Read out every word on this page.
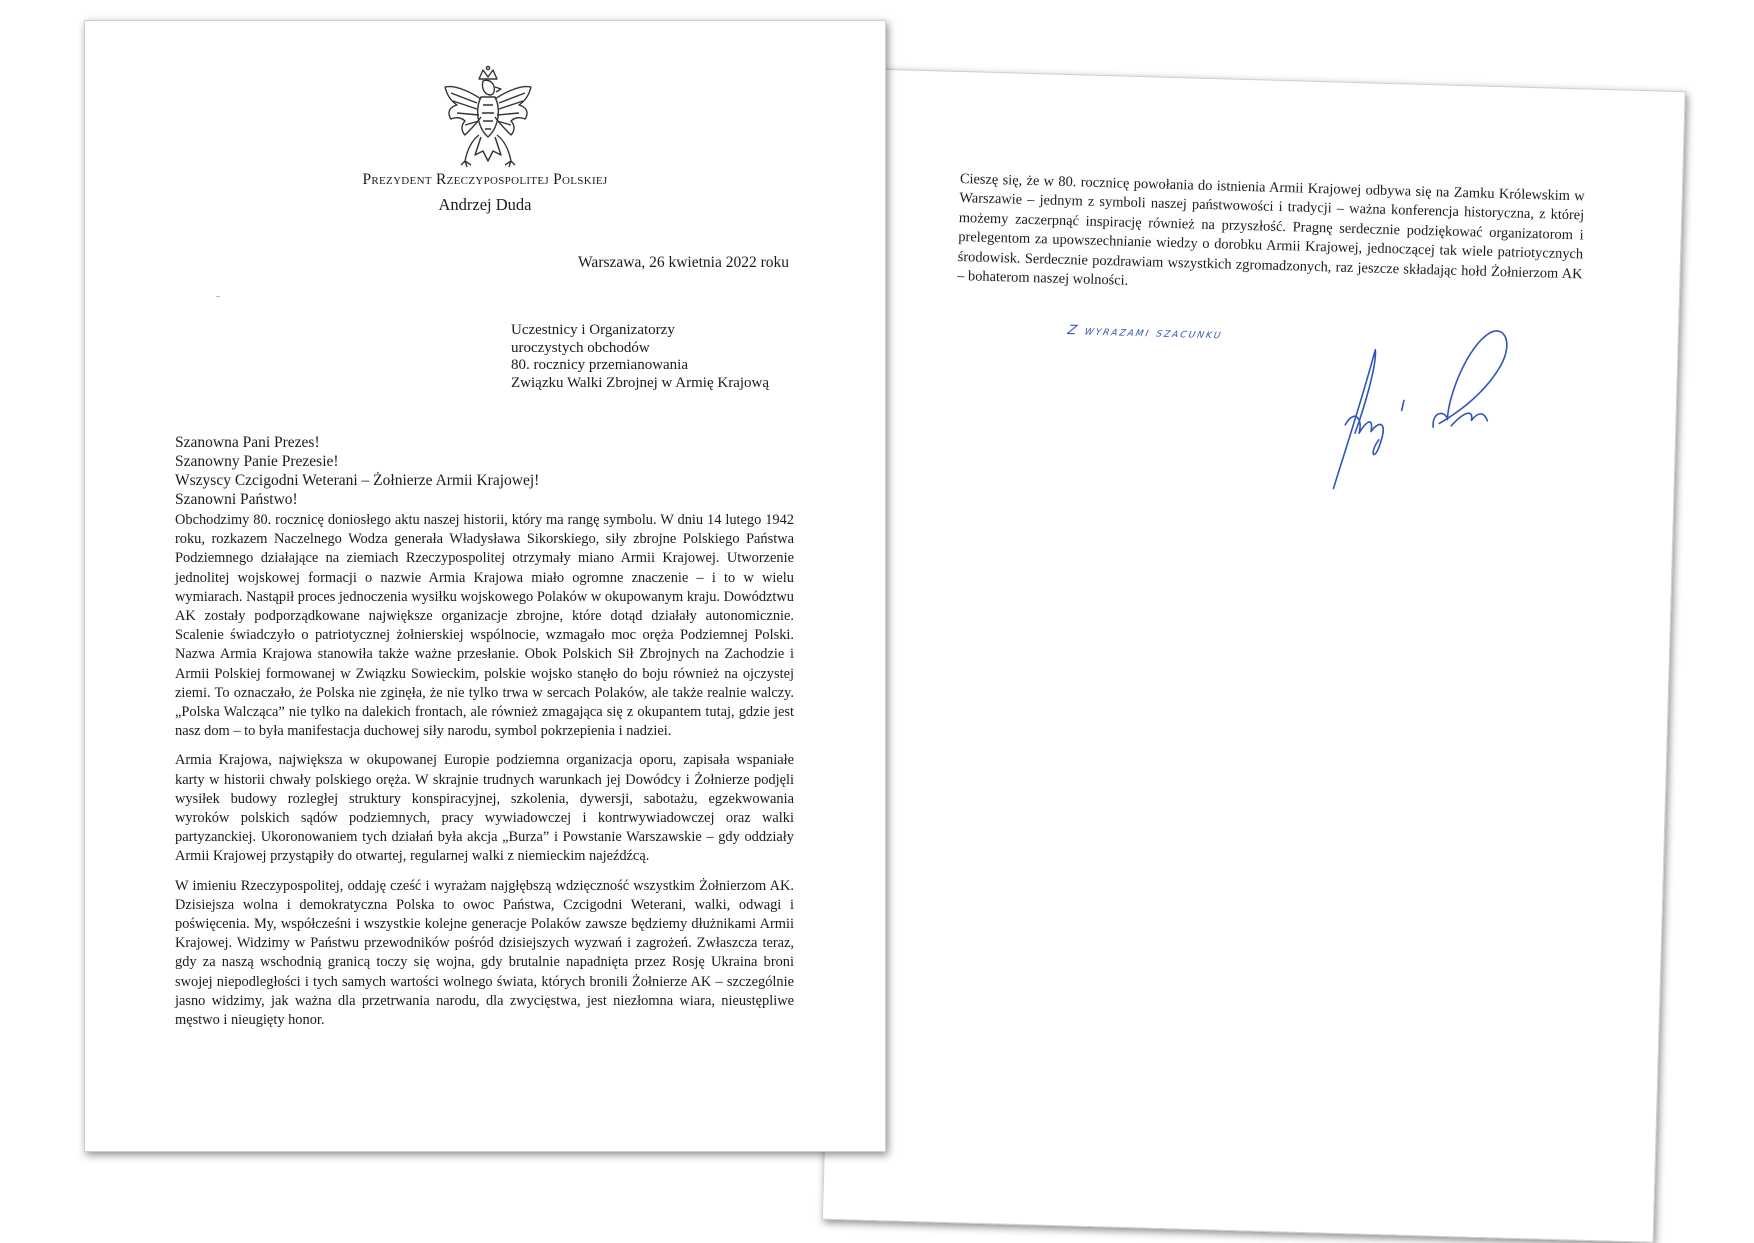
Cieszę się, że w 80. rocznicę powołania do istnienia Armii Krajowej odbywa się na Zamku Królewskim w Warszawie – jednym z symboli naszej państwowości i tradycji – ważna konferencja historyczna, z której możemy zaczerpnąć inspirację również na przyszłość. Pragnę serdecznie podziękować organizatorom i prelegentom za upowszechnianie wiedzy o dorobku Armii Krajowej, jednoczącej tak wiele patriotycznych środowisk. Serdecznie pozdrawiam wszystkich zgromadzonych, raz jeszcze składając hołd Żołnierzom AK – bohaterom naszej wolności.

Z wyrazami szacunku
Prezydent Rzeczypospolitej Polskiej
Andrzej Duda
Warszawa, 26 kwietnia 2022 roku
Uczestnicy i Organizatorzy
uroczystych obchodów
80. rocznicy przemianowania
Związku Walki Zbrojnej w Armię Krajową
Szanowna Pani Prezes!
Szanowny Panie Prezesie!
Wszyscy Czcigodni Weterani – Żołnierze Armii Krajowej!
Szanowni Państwo!

Obchodzimy 80. rocznicę doniosłego aktu naszej historii, który ma rangę symbolu. W dniu 14 lutego 1942 roku, rozkazem Naczelnego Wodza generała Władysława Sikorskiego, siły zbrojne Polskiego Państwa Podziemnego działające na ziemiach Rzeczypospolitej otrzymały miano Armii Krajowej. Utworzenie jednolitej wojskowej formacji o nazwie Armia Krajowa miało ogromne znaczenie – i to w wielu wymiarach. Nastąpił proces jednoczenia wysiłku wojskowego Polaków w okupowanym kraju. Dowództwu AK zostały podporządkowane największe organizacje zbrojne, które dotąd działały autonomicznie. Scalenie świadczyło o patriotycznej żołnierskiej wspólnocie, wzmagało moc oręża Podziemnej Polski. Nazwa Armia Krajowa stanowiła także ważne przesłanie. Obok Polskich Sił Zbrojnych na Zachodzie i Armii Polskiej formowanej w Związku Sowieckim, polskie wojsko stanęło do boju również na ojczystej ziemi. To oznaczało, że Polska nie zginęła, że nie tylko trwa w sercach Polaków, ale także realnie walczy. „Polska Walcząca” nie tylko na dalekich frontach, ale również zmagająca się z okupantem tutaj, gdzie jest nasz dom – to była manifestacja duchowej siły narodu, symbol pokrzepienia i nadziei.

Armia Krajowa, największa w okupowanej Europie podziemna organizacja oporu, zapisała wspaniałe karty w historii chwały polskiego oręża. W skrajnie trudnych warunkach jej Dowódcy i Żołnierze podjęli wysiłek budowy rozległej struktury konspiracyjnej, szkolenia, dywersji, sabotażu, egzekwowania wyroków polskich sądów podziemnych, pracy wywiadowczej i kontrwywiadowczej oraz walki partyzanckiej. Ukoronowaniem tych działań była akcja „Burza” i Powstanie Warszawskie – gdy oddziały Armii Krajowej przystąpiły do otwartej, regularnej walki z niemieckim najeźdźcą.

W imieniu Rzeczypospolitej, oddaję cześć i wyrażam najgłębszą wdzięczność wszystkim Żołnierzom AK. Dzisiejsza wolna i demokratyczna Polska to owoc Państwa, Czcigodni Weterani, walki, odwagi i poświęcenia. My, współcześni i wszystkie kolejne generacje Polaków zawsze będziemy dłużnikami Armii Krajowej. Widzimy w Państwu przewodników pośród dzisiejszych wyzwań i zagrożeń. Zwłaszcza teraz, gdy za naszą wschodnią granicą toczy się wojna, gdy brutalnie napadnięta przez Rosję Ukraina broni swojej niepodległości i tych samych wartości wolnego świata, których bronili Żołnierze AK – szczególnie jasno widzimy, jak ważna dla przetrwania narodu, dla zwycięstwa, jest niezłomna wiara, nieustępliwe męstwo i nieugięty honor.
